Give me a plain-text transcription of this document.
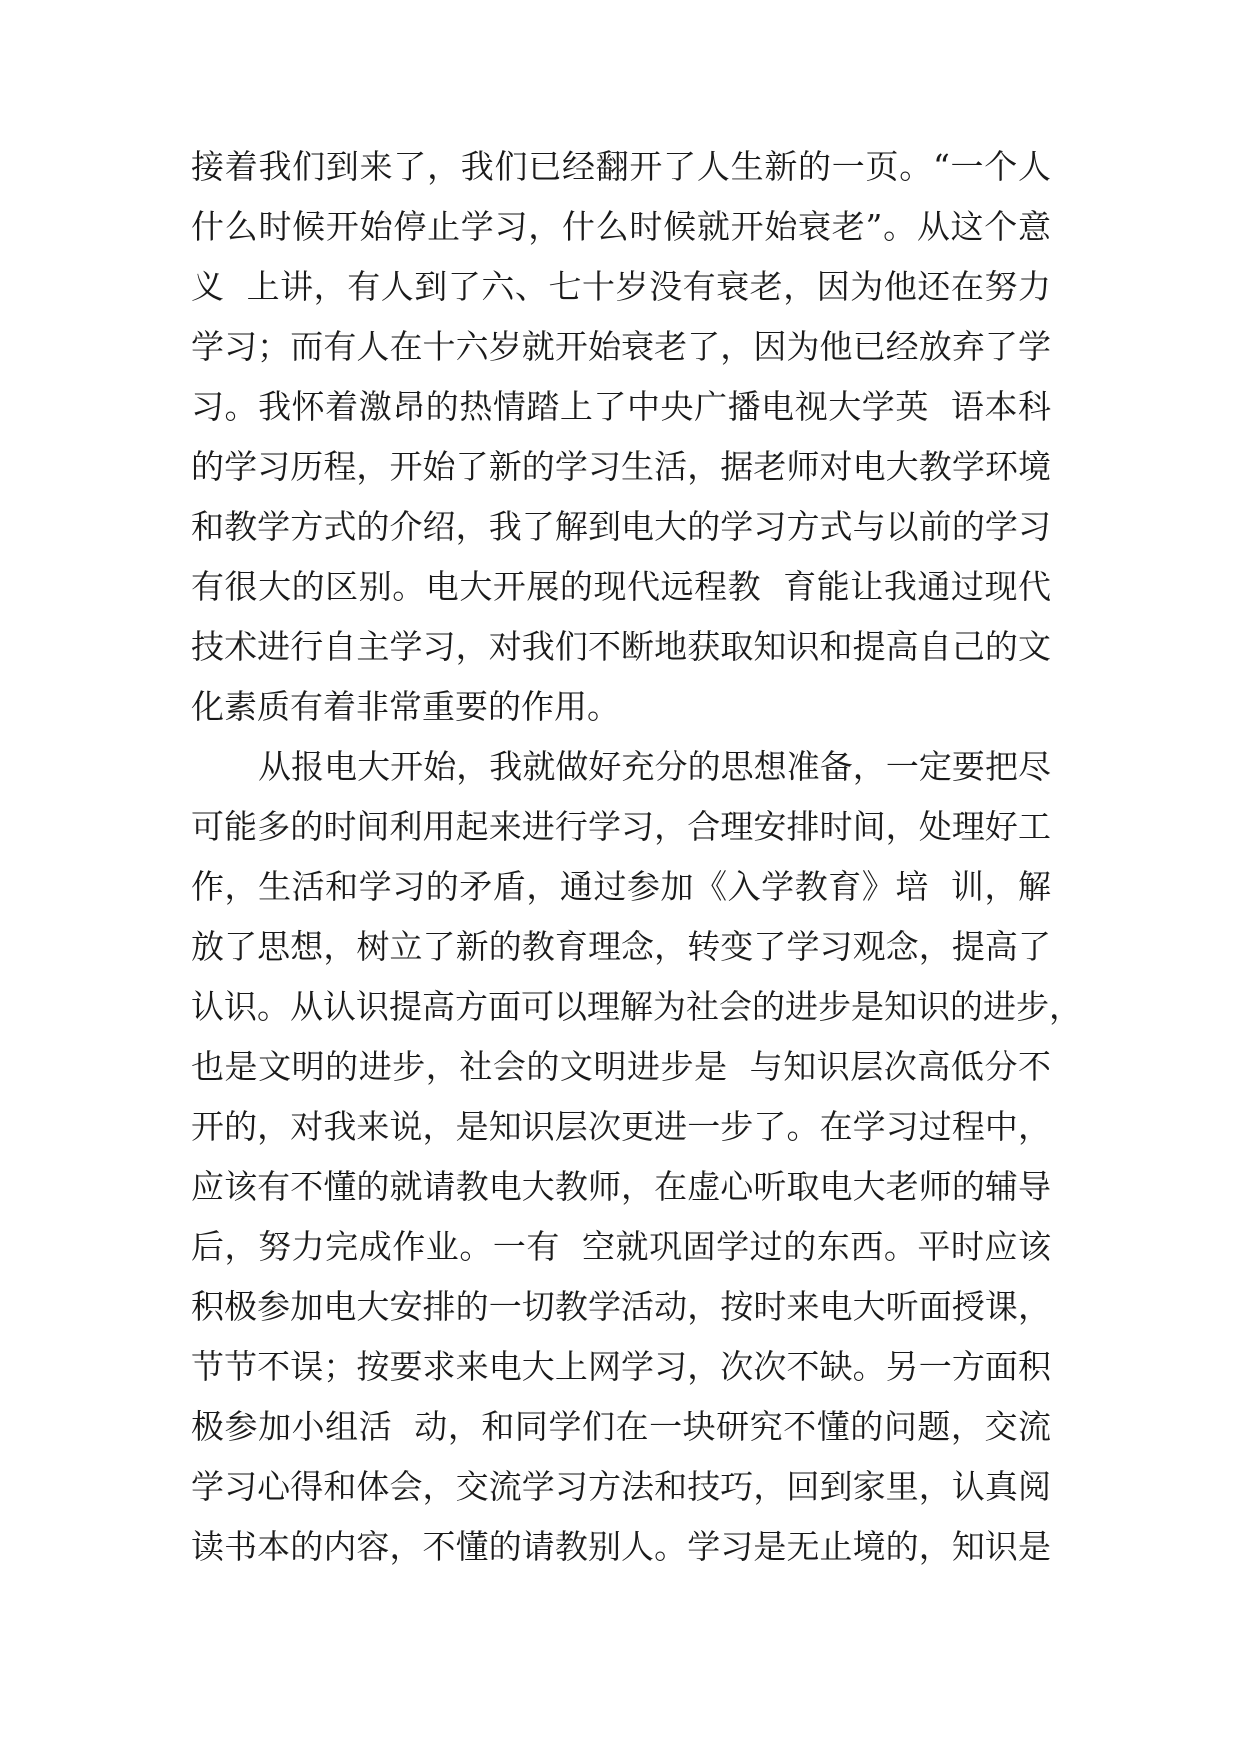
接着我们到来了，我们已经翻开了人生新的一页。“一个人
什么时候开始停止学习，什么时候就开始衰老”。从这个意
义  上讲，有人到了六、七十岁没有衰老，因为他还在努力
学习；而有人在十六岁就开始衰老了，因为他已经放弃了学
习。我怀着激昂的热情踏上了中央广播电视大学英  语本科
的学习历程，开始了新的学习生活，据老师对电大教学环境
和教学方式的介绍，我了解到电大的学习方式与以前的学习
有很大的区别。电大开展的现代远程教  育能让我通过现代
技术进行自主学习，对我们不断地获取知识和提高自己的文
化素质有着非常重要的作用。
从报电大开始，我就做好充分的思想准备，一定要把尽
可能多的时间利用起来进行学习，合理安排时间，处理好工
作，生活和学习的矛盾，通过参加《入学教育》培  训，解
放了思想，树立了新的教育理念，转变了学习观念，提高了
认识。从认识提高方面可以理解为社会的进步是知识的进步，
也是文明的进步，社会的文明进步是  与知识层次高低分不
开的，对我来说，是知识层次更进一步了。在学习过程中，
应该有不懂的就请教电大教师，在虚心听取电大老师的辅导
后，努力完成作业。一有  空就巩固学过的东西。平时应该
积极参加电大安排的一切教学活动，按时来电大听面授课，
节节不误；按要求来电大上网学习，次次不缺。另一方面积
极参加小组活  动，和同学们在一块研究不懂的问题，交流
学习心得和体会，交流学习方法和技巧，回到家里，认真阅
读书本的内容，不懂的请教别人。学习是无止境的，知识是
